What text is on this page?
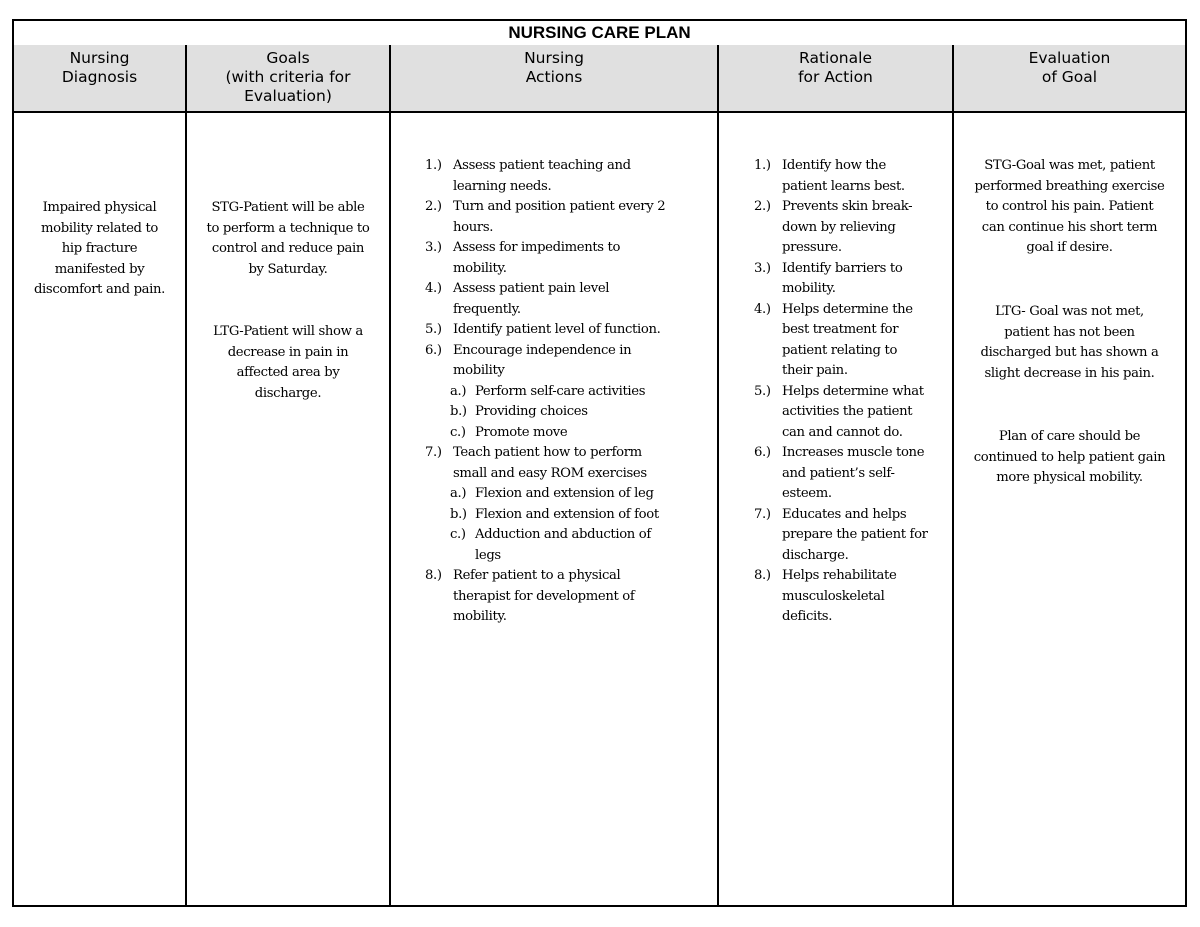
NURSING CARE PLAN
Nursing
Diagnosis
Goals
(with criteria for
Evaluation)
Nursing
Actions
Rationale
for Action
Evaluation
of Goal
Impaired physical
mobility related to
hip fracture
manifested by
discomfort and pain.
STG-Patient will be able
to perform a technique to
control and reduce pain
by Saturday.
LTG-Patient will show a
decrease in pain in
affected area by
discharge.
1.) Assess patient teaching and
learning needs.
2.) Turn and position patient every 2
hours.
3.) Assess for impediments to
mobility.
4.) Assess patient pain level
frequently.
5.) Identify patient level of function.
6.) Encourage independence in
mobility
a.) Perform self-care activities
b.) Providing choices
c.) Promote move
7.) Teach patient how to perform
small and easy ROM exercises
a.) Flexion and extension of leg
b.) Flexion and extension of foot
c.) Adduction and abduction of
legs
8.) Refer patient to a physical
therapist for development of
mobility.
1.) Identify how the
patient learns best.
2.) Prevents skin break-
down by relieving
pressure.
3.) Identify barriers to
mobility.
4.) Helps determine the
best treatment for
patient relating to
their pain.
5.) Helps determine what
activities the patient
can and cannot do.
6.) Increases muscle tone
and patient’s self-
esteem.
7.) Educates and helps
prepare the patient for
discharge.
8.) Helps rehabilitate
musculoskeletal
deficits.
STG-Goal was met, patient
performed breathing exercise
to control his pain. Patient
can continue his short term
goal if desire.
LTG- Goal was not met,
patient has not been
discharged but has shown a
slight decrease in his pain.
Plan of care should be
continued to help patient gain
more physical mobility.
